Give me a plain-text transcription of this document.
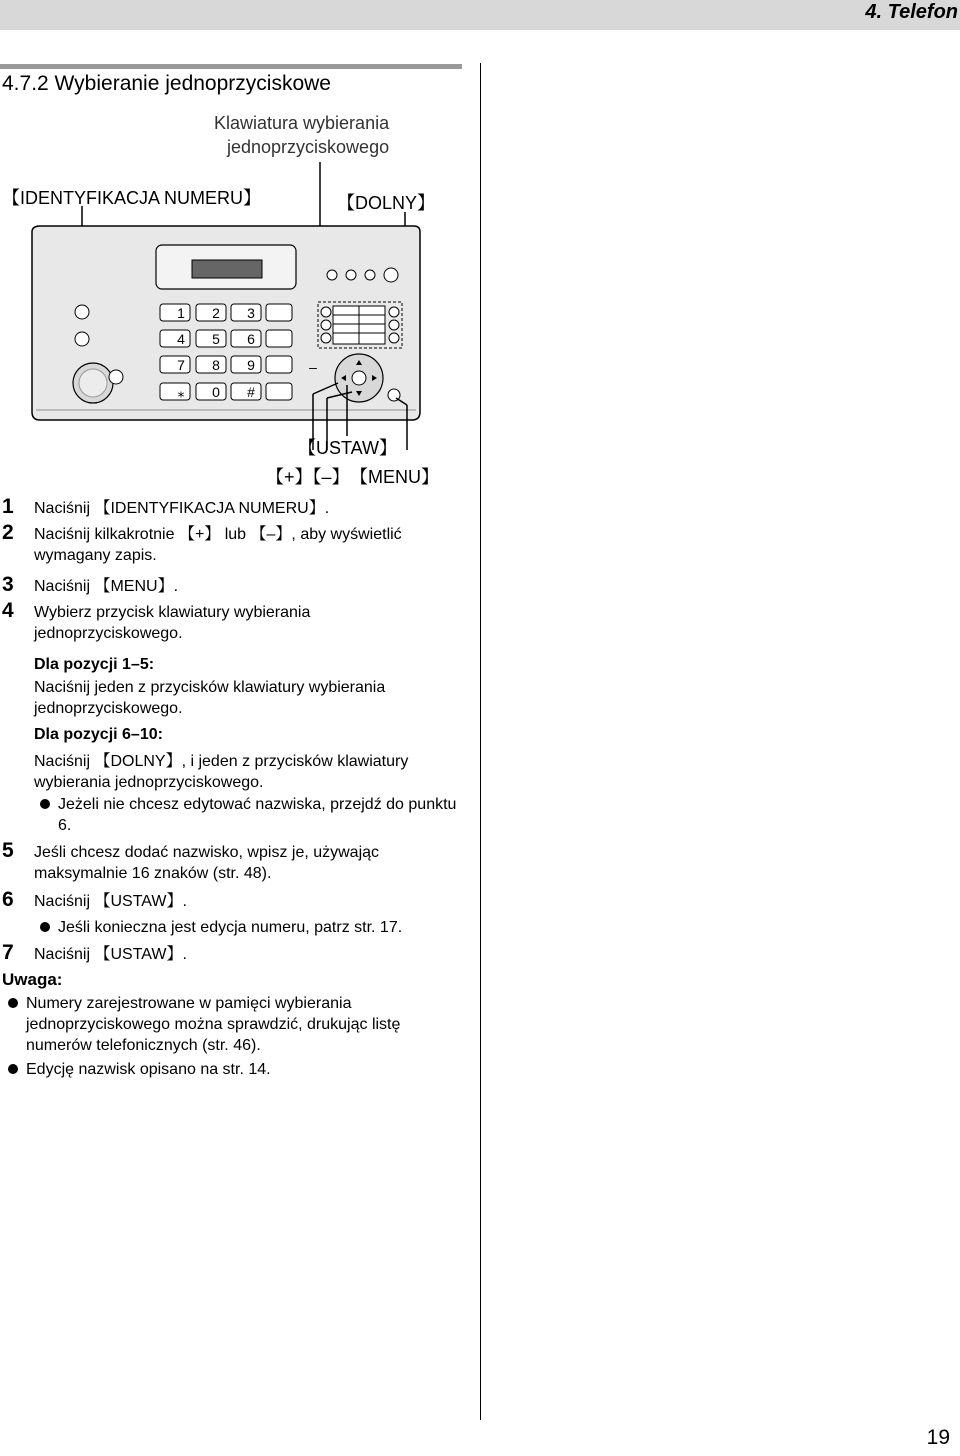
4. Telefon
4.7.2 Wybieranie jednoprzyciskowe
Klawiatura wybierania
jednoprzyciskowego
【IDENTYFIKACJA NUMERU】	【DOLNY】
【USTAW】
【+】【–】 【MENU】
1 2 3
4 5 6
7 8 9
⁎ 0 #
–
1 Naciśnij 【IDENTYFIKACJA NUMERU】.
2 Naciśnij kilkakrotnie 【+】 lub 【–】, aby wyświetlić wymagany zapis.
3 Naciśnij 【MENU】.
4 Wybierz przycisk klawiatury wybierania jednoprzyciskowego.
Dla pozycji 1–5:
Naciśnij jeden z przycisków klawiatury wybierania jednoprzyciskowego.
Dla pozycji 6–10:
Naciśnij 【DOLNY】, i jeden z przycisków klawiatury wybierania jednoprzyciskowego.
Jeżeli nie chcesz edytować nazwiska, przejdź do punktu 6.
5 Jeśli chcesz dodać nazwisko, wpisz je, używając maksymalnie 16 znaków (str. 48).
6 Naciśnij 【USTAW】.
Jeśli konieczna jest edycja numeru, patrz str. 17.
7 Naciśnij 【USTAW】.
Uwaga:
Numery zarejestrowane w pamięci wybierania jednoprzyciskowego można sprawdzić, drukując listę numerów telefonicznych (str. 46).
Edycję nazwisk opisano na str. 14.
19
